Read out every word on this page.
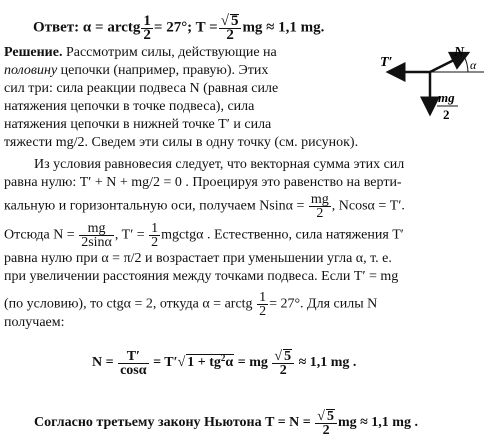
Ответ: α = arctg $\frac{1}{2} = 27^\circ$; $T = \frac{√ 5}{2}$ mg ≈ 1,1 mg.
Решение. Рассмотрим силы, действующие на
половину цепочки (например, правую). Этих
сил три: сила реакции подвеса N (равная силе
натяжения цепочки в точке подвеса), сила
натяжения цепочки в нижней точке T′ и сила
тяжести mg/2. Сведем эти силы в одну точку (см. рисунок).
T′
N
α
mg
2
Из условия равновесия следует, что векторная сумма этих сил
равна нулю: T′ + N + mg/2 = 0 . Проецируя это равенство на верти-
кальную и горизонтальную оси, получаем $Nsin\alpha = \frac{mg}{2}$ , Ncosα = T′.
Отсюда $N = \frac{mg}{2\sin\alpha}$ , $T' = \frac{1}{2}$ mgctgα . Естественно, сила натяжения T′
равна нулю при α = π/2 и возрастает при уменьшении угла α, т. е.
при увеличении расстояния между точками подвеса. Если T′ = mg
(по условию), то ctgα = 2, откуда α = arctg $\frac{1}{2} = 27^\circ$. Для силы N
получаем:
$N = \frac{T'}{\cos\alpha} = T'√$ $1 + tg^2\alpha$ = mg $\frac{√ 5}{2} \approx 1,1$ mg .
Согласно третьему закону Ньютона $T = N = \frac{√ 5}{2}$ mg ≈ 1,1 mg .
